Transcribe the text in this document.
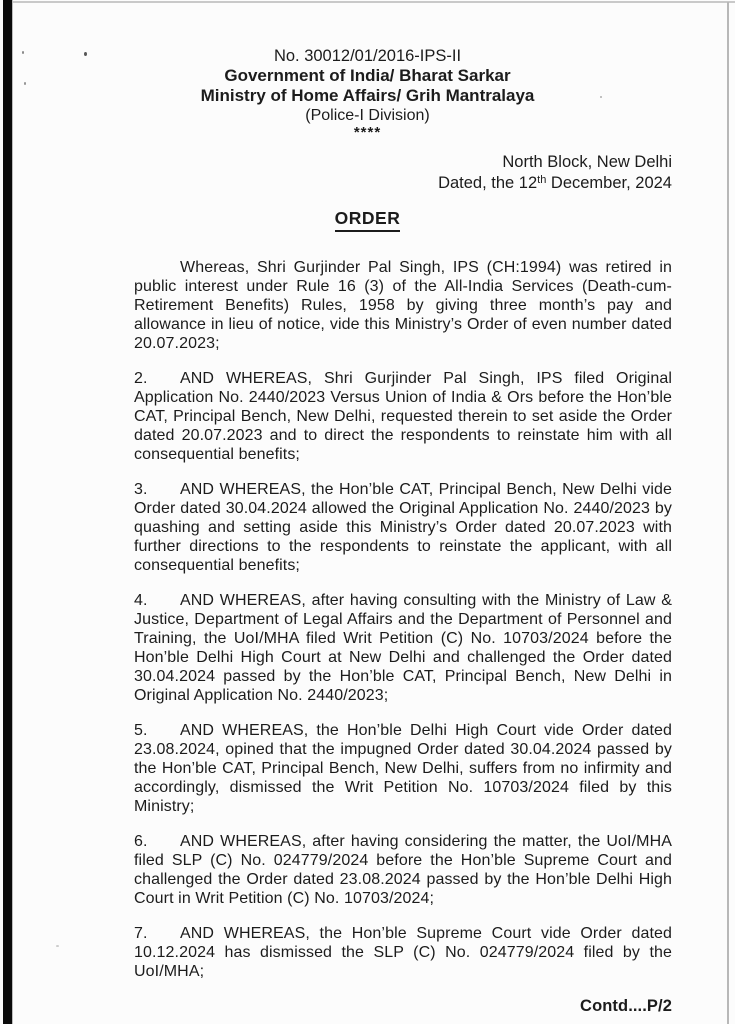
No. 30012/01/2016-IPS-II
Government of India/ Bharat Sarkar
Ministry of Home Affairs/ Grih Mantralaya
(Police-I Division)
****
North Block, New Delhi
Dated, the 12th December, 2024
ORDER

Whereas, Shri Gurjinder Pal Singh, IPS (CH:1994) was retired in public interest under Rule 16 (3) of the All-India Services (Death-cum-Retirement Benefits) Rules, 1958 by giving three month’s pay and allowance in lieu of notice, vide this Ministry’s Order of even number dated 20.07.2023;

2. AND WHEREAS, Shri Gurjinder Pal Singh, IPS filed Original Application No. 2440/2023 Versus Union of India & Ors before the Hon’ble CAT, Principal Bench, New Delhi, requested therein to set aside the Order dated 20.07.2023 and to direct the respondents to reinstate him with all consequential benefits;

3. AND WHEREAS, the Hon’ble CAT, Principal Bench, New Delhi vide Order dated 30.04.2024 allowed the Original Application No. 2440/2023 by quashing and setting aside this Ministry’s Order dated 20.07.2023 with further directions to the respondents to reinstate the applicant, with all consequential benefits;

4. AND WHEREAS, after having consulting with the Ministry of Law & Justice, Department of Legal Affairs and the Department of Personnel and Training, the UoI/MHA filed Writ Petition (C) No. 10703/2024 before the Hon’ble Delhi High Court at New Delhi and challenged the Order dated 30.04.2024 passed by the Hon’ble CAT, Principal Bench, New Delhi in Original Application No. 2440/2023;

5. AND WHEREAS, the Hon’ble Delhi High Court vide Order dated 23.08.2024, opined that the impugned Order dated 30.04.2024 passed by the Hon’ble CAT, Principal Bench, New Delhi, suffers from no infirmity and accordingly, dismissed the Writ Petition No. 10703/2024 filed by this Ministry;

6. AND WHEREAS, after having considering the matter, the UoI/MHA filed SLP (C) No. 024779/2024 before the Hon’ble Supreme Court and challenged the Order dated 23.08.2024 passed by the Hon’ble Delhi High Court in Writ Petition (C) No. 10703/2024;

7. AND WHEREAS, the Hon’ble Supreme Court vide Order dated 10.12.2024 has dismissed the SLP (C) No. 024779/2024 filed by the UoI/MHA;

Contd....P/2
